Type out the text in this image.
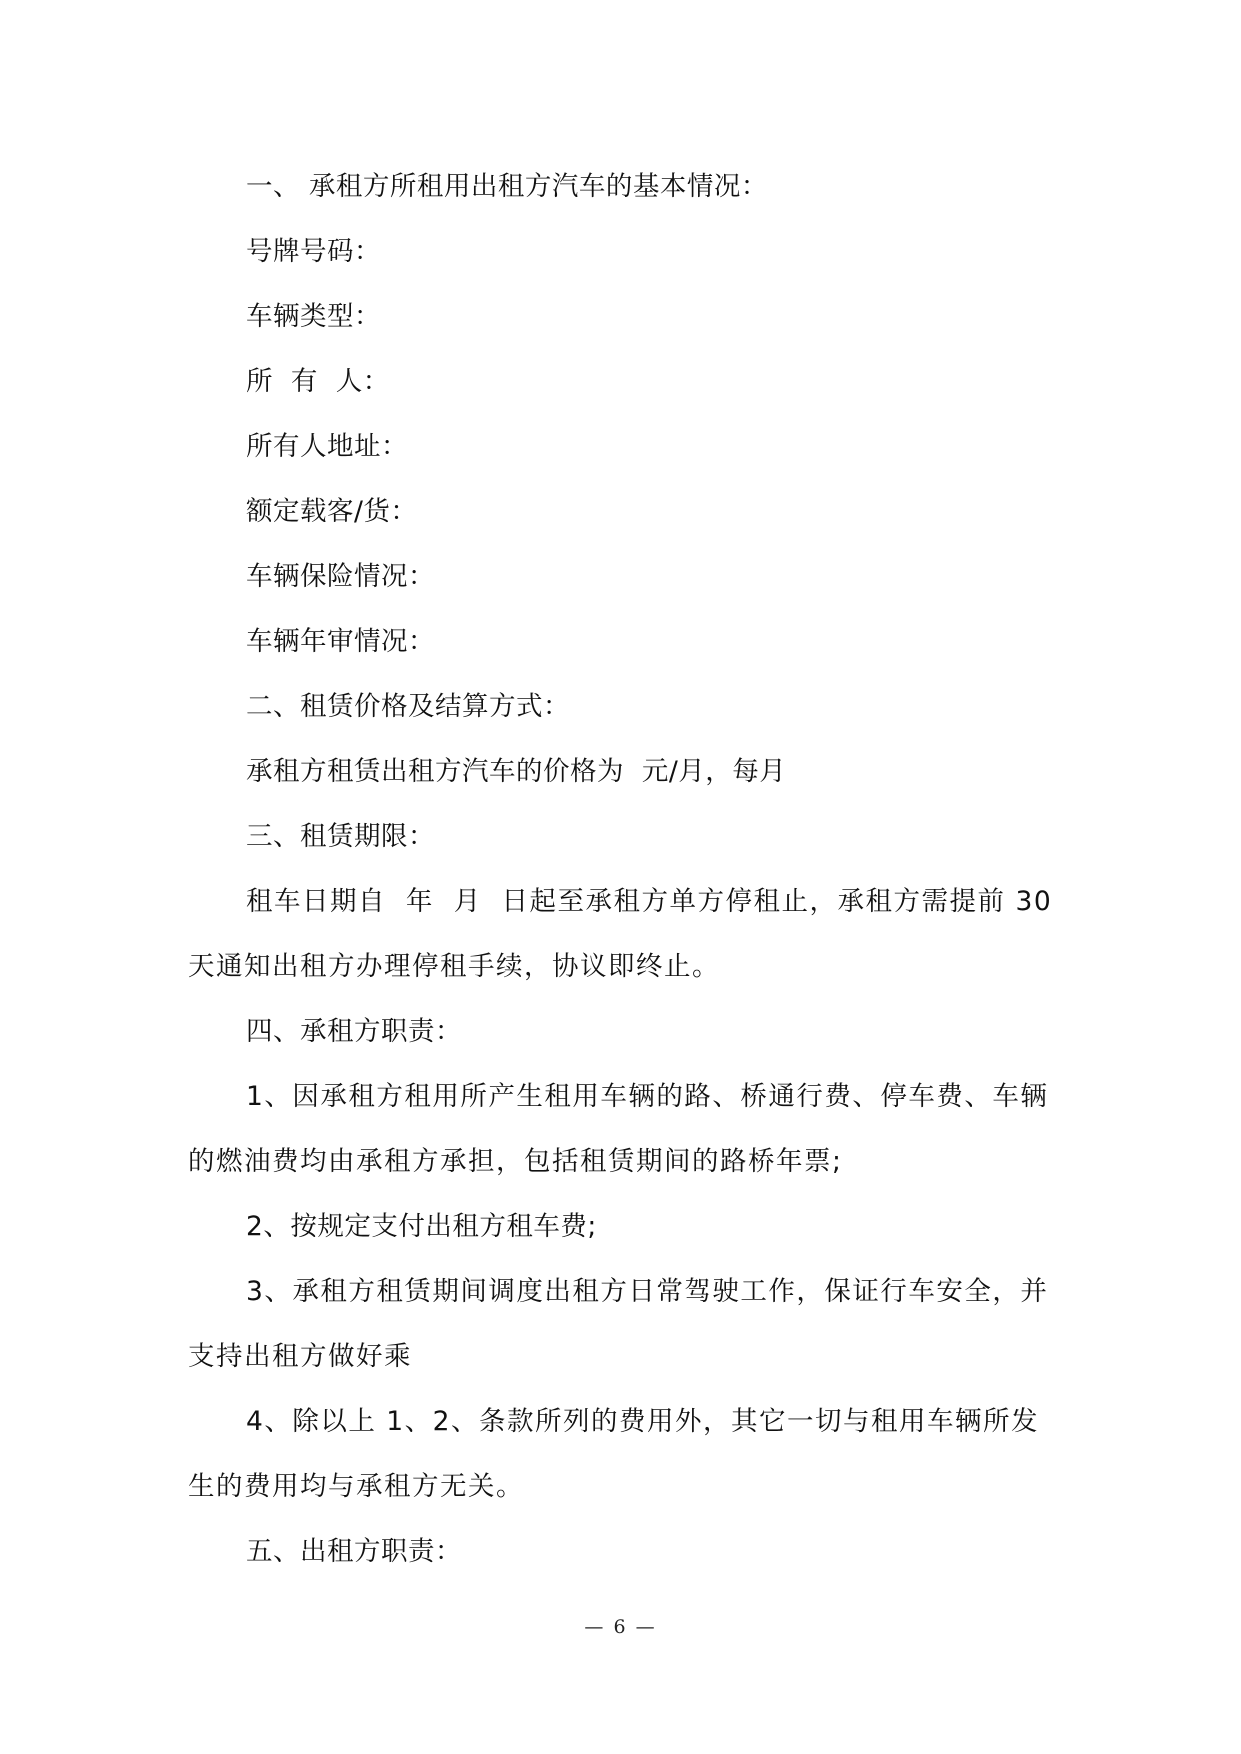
一、 承租方所租用出租方汽车的基本情况：

号牌号码：

车辆类型：

所  有  人：

所有人地址：

额定载客/货：

车辆保险情况：

车辆年审情况：

二、租赁价格及结算方式：

承租方租赁出租方汽车的价格为  元/月，每月

三、租赁期限：

租车日期自  年  月  日起至承租方单方停租止，承租方需提前 30 天通知出租方办理停租手续，协议即终止。

四、承租方职责：

1、因承租方租用所产生租用车辆的路、桥通行费、停车费、车辆的燃油费均由承租方承担，包括租赁期间的路桥年票;

2、按规定支付出租方租车费;

3、承租方租赁期间调度出租方日常驾驶工作，保证行车安全，并支持出租方做好乘

4、除以上 1、2、条款所列的费用外，其它一切与租用车辆所发生的费用均与承租方无关。

五、出租方职责：

— 6 —
